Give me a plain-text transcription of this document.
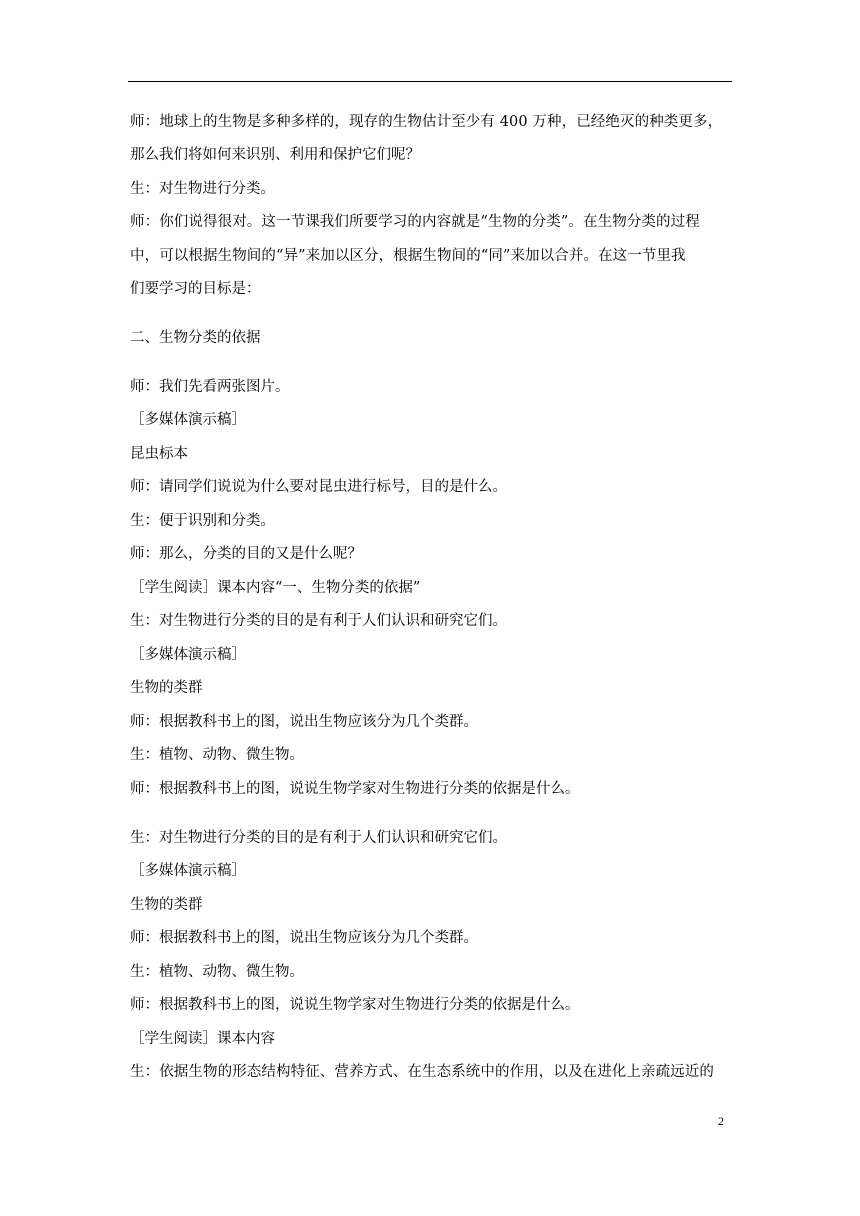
师：地球上的生物是多种多样的，现存的生物估计至少有 400 万种，已经绝灭的种类更多，
那么我们将如何来识别、利用和保护它们呢？
生：对生物进行分类。
师：你们说得很对。这一节课我们所要学习的内容就是“生物的分类”。在生物分类的过程
中，可以根据生物间的“异”来加以区分，根据生物间的“同”来加以合并。在这一节里我
们要学习的目标是：
二、生物分类的依据
师：我们先看两张图片。
［多媒体演示稿］
昆虫标本
师：请同学们说说为什么要对昆虫进行标号，目的是什么。
生：便于识别和分类。
师：那么，分类的目的又是什么呢？
［学生阅读］课本内容“一、生物分类的依据”
生：对生物进行分类的目的是有利于人们认识和研究它们。
［多媒体演示稿］
生物的类群
师：根据教科书上的图，说出生物应该分为几个类群。
生：植物、动物、微生物。
师：根据教科书上的图，说说生物学家对生物进行分类的依据是什么。
生：对生物进行分类的目的是有利于人们认识和研究它们。
［多媒体演示稿］
生物的类群
师：根据教科书上的图，说出生物应该分为几个类群。
生：植物、动物、微生物。
师：根据教科书上的图，说说生物学家对生物进行分类的依据是什么。
［学生阅读］课本内容
生：依据生物的形态结构特征、营养方式、在生态系统中的作用，以及在进化上亲疏远近的
2
